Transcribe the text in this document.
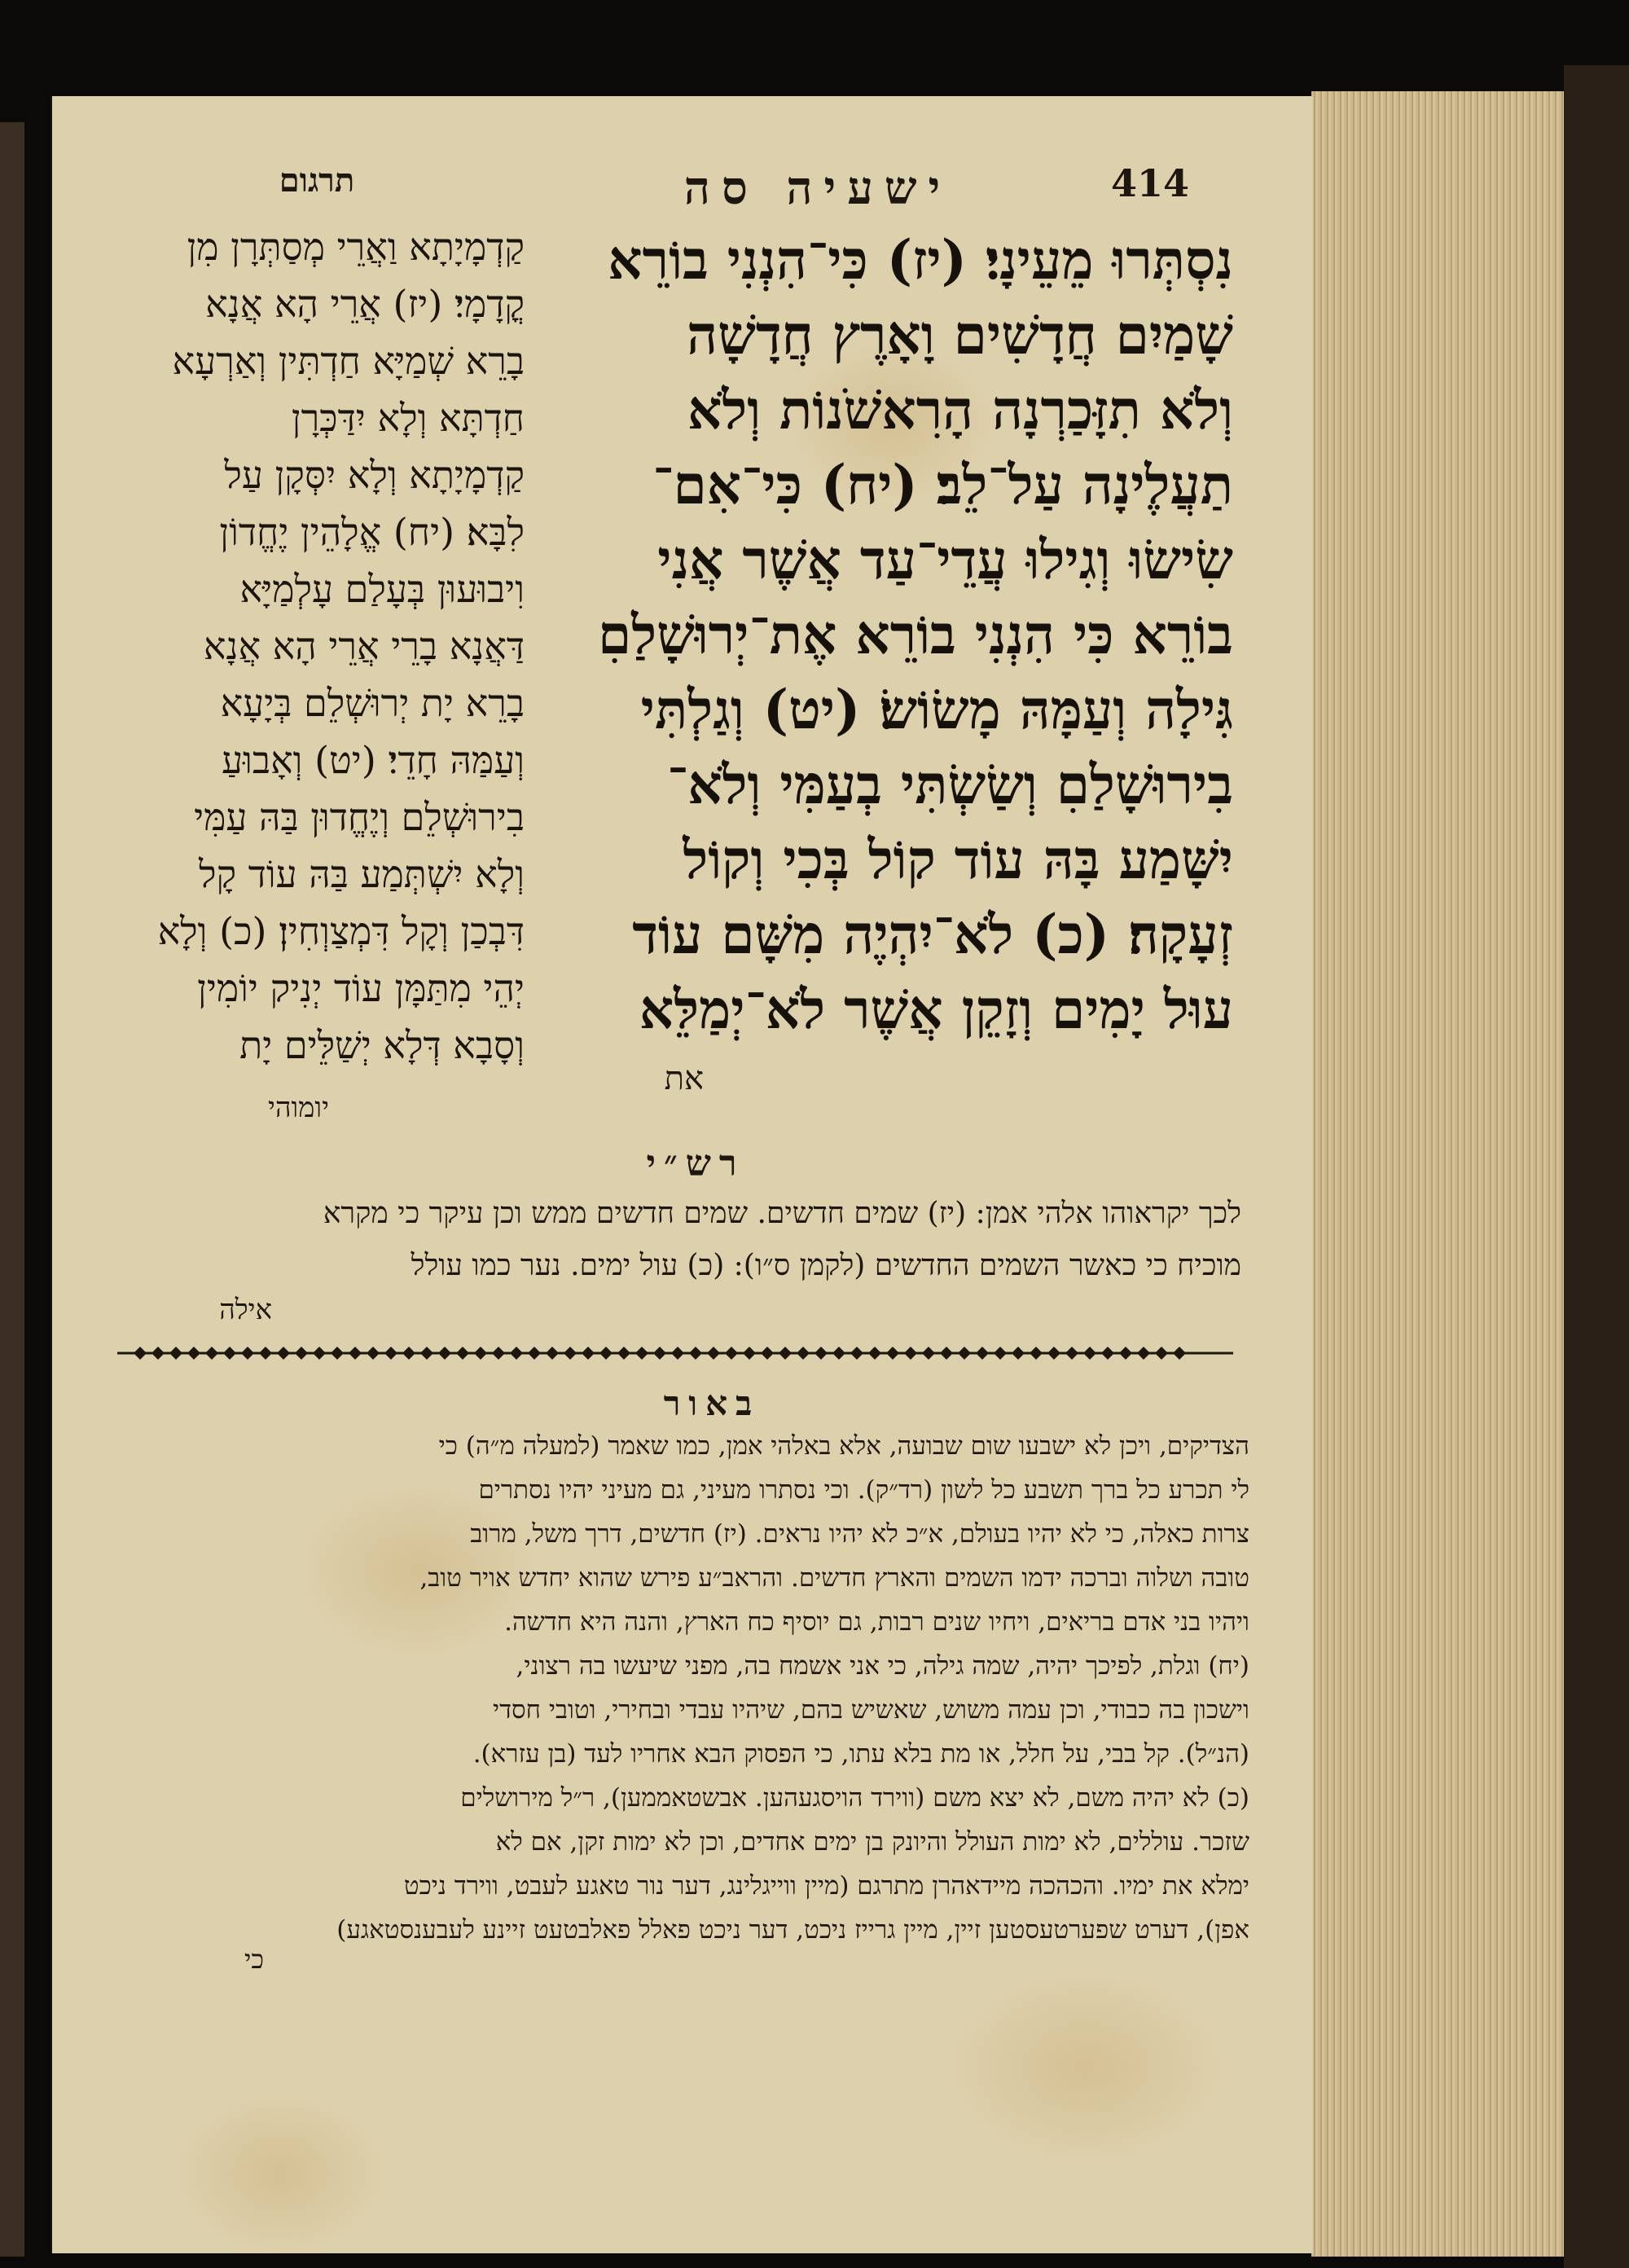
414
ישעיה סה
תרגום
נִסְתְּרוּ מֵעֵינָי׃ (יז) כִּי־הִנְנִי בוֹרֵא
שָׁמַיִם חֲדָשִׁים וָאָרֶץ חֲדָשָׁה
וְלֹא תִזָּכַרְנָה הָרִאשֹׁנוֹת וְלֹא
תַעֲלֶינָה עַל־לֵב׃ (יח) כִּי־אִם־
שִׂישׂוּ וְגִילוּ עֲדֵי־עַד אֲשֶׁר אֲנִי
בוֹרֵא כִּי הִנְנִי בוֹרֵא אֶת־יְרוּשָׁלַםִ
גִּילָה וְעַמָּהּ מָשׂוֹשׂ׃ (יט) וְגַלְתִּי
בִירוּשָׁלַםִ וְשַׂשְׂתִּי בְעַמִּי וְלֹא־
יִשָּׁמַע בָּהּ עוֹד קוֹל בְּכִי וְקוֹל
זְעָקָה׃ (כ) לֹא־יִהְיֶה מִשָּׁם עוֹד
עוּל יָמִים וְזָקֵן אֲשֶׁר לֹא־יְמַלֵּא
את
קַדְמָיָתָא וַאֲרֵי מְסַתְּרָן מִן
קֳדָמָי׃ (יז) אֲרֵי הָא אֲנָא
בָרֵא שְׁמַיָּא חַדְתִּין וְאַרְעָא
חַדְתָּא וְלָא יִדַּכְּרָן
קַדְמָיָתָא וְלָא יִסְּקָן עַל
לִבָּא׃ (יח) אֱלָהֵין יֶחֱדוֹן
וִיבוּעוּן בְּעָלַם עָלְמַיָּא
דַּאֲנָא בָרֵי אֲרֵי הָא אֲנָא
בָרֵא יָת יְרוּשְׁלֵם בְּיָעָא
וְעַמַּהּ חָדֵי׃ (יט) וְאָבוּעַ
בִירוּשְׁלֵם וְיֶחֱדוּן בַּהּ עַמִּי
וְלָא יִשְׁתְּמַע בַּהּ עוֹד קָל
דִּבְכַן וְקָל דִּמְצַוְחִין׃ (כ) וְלָא
יְהֵי מִתַּמָּן עוֹד יְנִיק יוֹמִין
וְסָבָא דְּלָא יְשַׁלֵּים יָת
יומוהי
רש״י
לכך יקראוהו אלהי אמן: (יז) שמים חדשים. שמים חדשים ממש וכן עיקר כי מקרא
מוכיח כי כאשר השמים החדשים (לקמן ס״ו): (כ) עול ימים. נער כמו עולל
אילה
באור
הצדיקים, ויכן לא ישבעו שום שבועה, אלא באלהי אמן, כמו שאמר (למעלה מ״ה) כי
לי תכרע כל ברך תשבע כל לשון (רד״ק). וכי נסתרו מעיני, גם מעיני יהיו נסתרים
צרות כאלה, כי לא יהיו בעולם, א״כ לא יהיו נראים. (יז) חדשים, דרך משל, מרוב
טובה ושלוה וברכה ידמו השמים והארץ חדשים. והראב״ע פירש שהוא יחדש אויר טוב,
ויהיו בני אדם בריאים, ויחיו שנים רבות, גם יוסיף כח הארץ, והנה היא חדשה.
(יח) וגלת, לפיכך יהיה, שמה גילה, כי אני אשמח בה, מפני שיעשו בה רצוני,
וישכון בה כבודי, וכן עמה משוש, שאשיש בהם, שיהיו עבדי ובחירי, וטובי חסדי
(הנ״ל). קל בבי, על חלל, או מת בלא עתו, כי הפסוק הבא אחריו לעד (בן עזרא).
(כ) לא יהיה משם, לא יצא משם (ווירד הויסגעהען. אבשטאממען), ר״ל מירושלים
שזכר. עוללים, לא ימות העולל והיונק בן ימים אחדים, וכן לא ימות זקן, אם לא
ימלא את ימיו. והכהכה מיידאהרן מתרגם (מיין ווייגלינג, דער נור טאגע לעבט, ווירד ניכט
אפן), דערט שפערטעסטען זיין, מיין גרייז ניכט, דער ניכט פאלל פאלבטעט זיינע לעבענסטאגע)
כי
